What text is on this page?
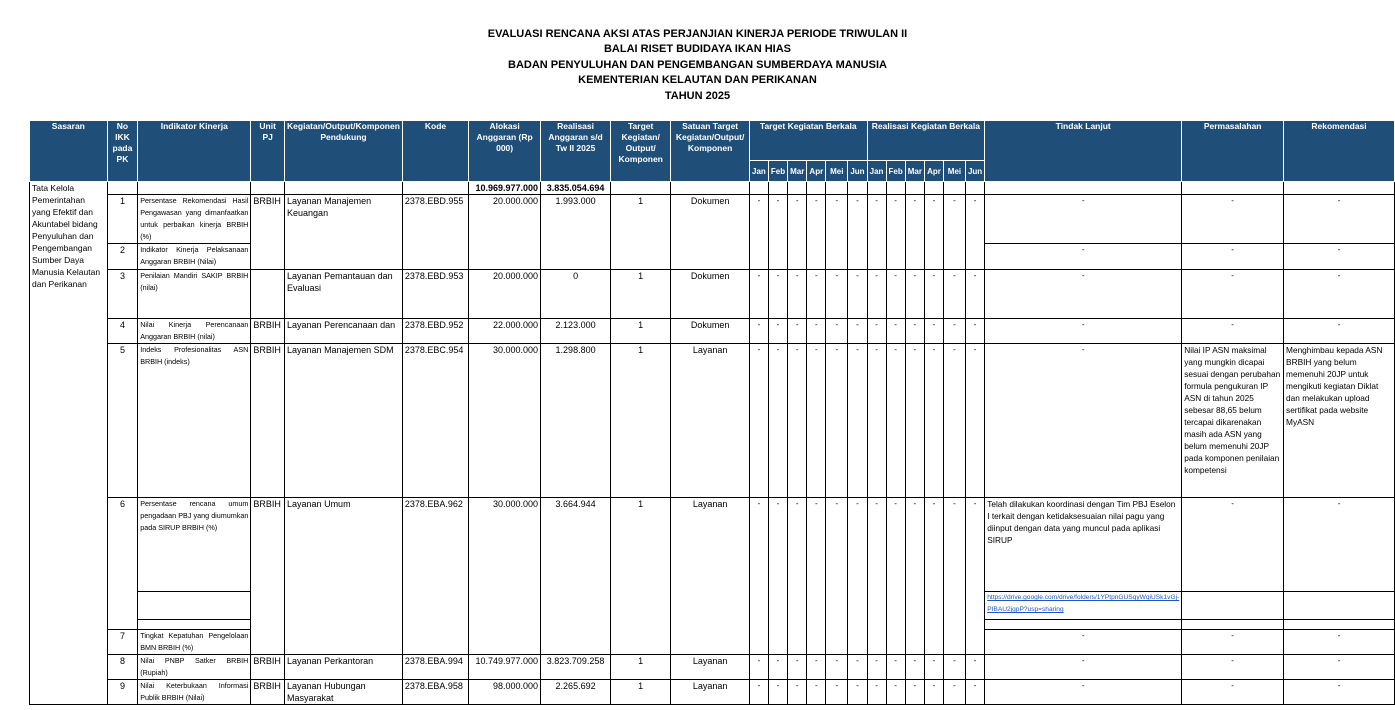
EVALUASI RENCANA AKSI ATAS PERJANJIAN KINERJA PERIODE TRIWULAN II
BALAI RISET BUDIDAYA IKAN HIAS
BADAN PENYULUHAN DAN PENGEMBANGAN SUMBERDAYA MANUSIA
KEMENTERIAN KELAUTAN DAN PERIKANAN
TAHUN 2025
Sasaran	No IKK pada PK	Indikator Kinerja	Unit PJ	Kegiatan/Output/Komponen Pendukung	Kode	Alokasi Anggaran (Rp 000)	Realisasi Anggaran s/d Tw II 2025	Target Kegiatan/ Output/ Komponen	Satuan Target Kegiatan/Output/ Komponen	Target Kegiatan Berkala						Realisasi Kegiatan Berkala						Tindak Lanjut	Permasalahan	Rekomendasi
										Jan	Feb	Mar	Apr	Mei	Jun	Jan	Feb	Mar	Apr	Mei	Jun			
Tata Kelola Pemerintahan yang Efektif dan Akuntabel bidang Penyuluhan dan Pengembangan Sumber Daya Manusia Kelautan dan Perikanan						10.969.977.000	3.835.054.694																	
	1	Persentase Rekomendasi Hasil Pengawasan yang dimanfaatkan untuk perbaikan kinerja BRBIH (%)	BRBIH	Layanan Manajemen Keuangan	2378.EBD.955	20.000.000	1.993.000	1	Dokumen	-	-	-	-	-	-	-	-	-	-	-	-	-	-	-
	2	Indikator Kinerja Pelaksanaan Anggaran BRBIH (Nilai)																				-	-	-
	3	Penilaian Mandiri SAKIP BRBIH (nilai)		Layanan Pemantauan dan Evaluasi	2378.EBD.953	20.000.000	0	1	Dokumen	-	-	-	-	-	-	-	-	-	-	-	-	-	-	-
	4	Nilai Kinerja Perencanaan Anggaran BRBIH (nilai)	BRBIH	Layanan Perencanaan dan	2378.EBD.952	22.000.000	2.123.000	1	Dokumen	-	-	-	-	-	-	-	-	-	-	-	-	-	-	-
	5	Indeks Profesionalitas ASN BRBIH (indeks)	BRBIH	Layanan Manajemen SDM	2378.EBC.954	30.000.000	1.298.800	1	Layanan	-	-	-	-	-	-	-	-	-	-	-	-	-	Nilai IP ASN maksimal yang mungkin dicapai sesuai dengan perubahan formula pengukuran IP ASN di tahun 2025 sebesar 88,65 belum tercapai dikarenakan masih ada ASN yang belum memenuhi 20JP pada komponen penilaian kompetensi	Menghimbau kepada ASN BRBIH yang belum memenuhi 20JP untuk mengikuti kegiatan Diklat dan melakukan upload sertifikat pada website MyASN
	6	Persentase rencana umum pengadaan PBJ yang diumumkan pada SIRUP BRBIH (%)	BRBIH	Layanan Umum	2378.EBA.962	30.000.000	3.664.944	1	Layanan	-	-	-	-	-	-	-	-	-	-	-	-	Telah dilakukan koordinasi dengan Tim PBJ Eselon I terkait dengan ketidaksesuaian nilai pagu yang diinput dengan data yang muncul pada aplikasi SIRUP	-	-
																						https://drive.google.com/drive/folders/1YPtpnGUSqyWqiUSk1vGj-PIBAU2jgpP?usp=sharing		

	7	Tingkat Kepatuhan Pengelolaan BMN BRBIH (%)																				-	-	-
	8	Nilai PNBP Satker BRBIH (Rupiah)	BRBIH	Layanan Perkantoran	2378.EBA.994	10.749.977.000	3.823.709.258	1	Layanan	-	-	-	-	-	-	-	-	-	-	-	-	-	-	-
	9	Nilai Keterbukaan Informasi Publik BRBIH (Nilai)	BRBIH	Layanan Hubungan Masyarakat	2378.EBA.958	98.000.000	2.265.692	1	Layanan	-	-	-	-	-	-	-	-	-	-	-	-	-	-	-
